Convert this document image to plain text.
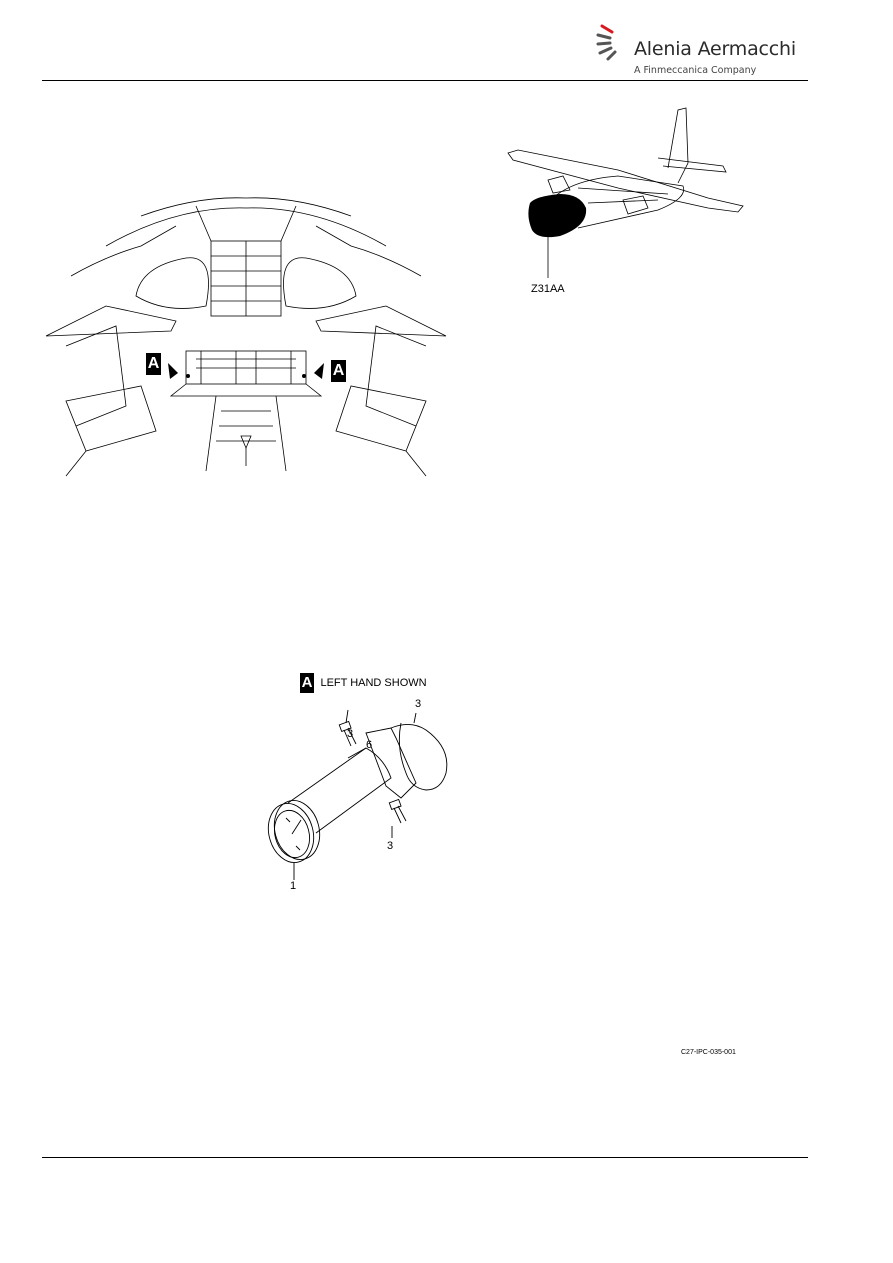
Alenia Aermacchi
A Finmeccanica Company
A	A
Z31AA
A LEFT HAND SHOWN
3
3
6
3
1
C27-IPC-035-001
